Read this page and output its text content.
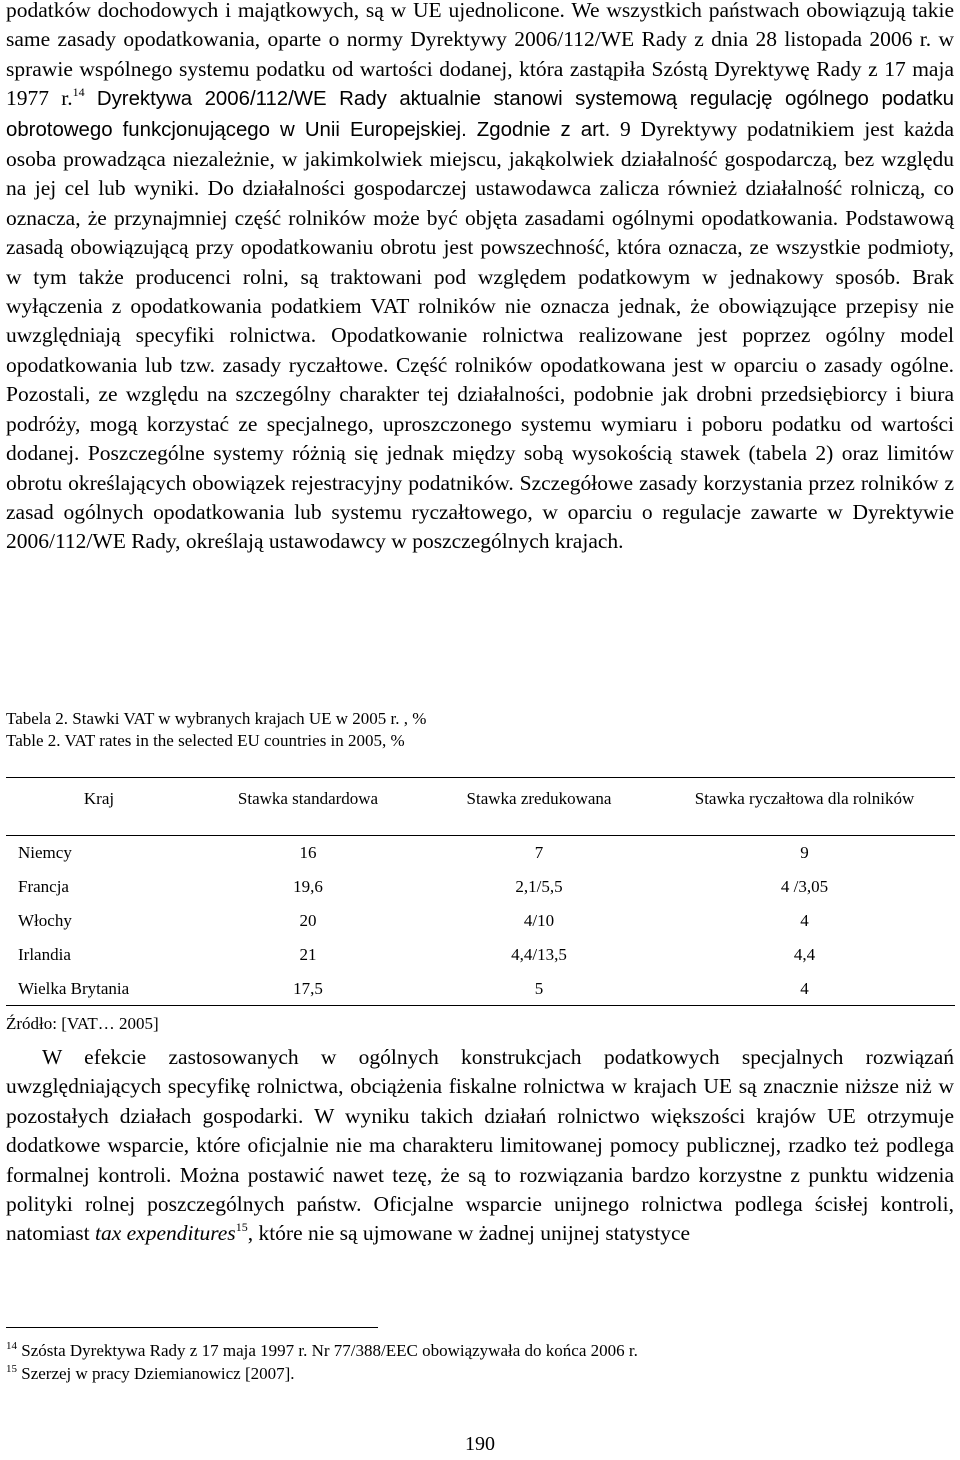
podatków dochodowych i majątkowych, są w UE ujednolicone. We wszystkich państwach obowiązują takie same zasady opodatkowania, oparte o normy Dyrektywy 2006/112/WE Rady z dnia 28 listopada 2006 r. w sprawie wspólnego systemu podatku od wartości dodanej, która zastąpiła Szóstą Dyrektywę Rady z 17 maja 1977 r.$^{14}$ Dyrektywa 2006/112/WE Rady aktualnie stanowi systemową regulację ogólnego podatku obrotowego funkcjonującego w Unii Europejskiej. Zgodnie z art. 9 Dyrektywy podatnikiem jest każda osoba prowadząca niezależnie, w jakimkolwiek miejscu, jakąkolwiek działalność gospodarczą, bez względu na jej cel lub wyniki. Do działalności gospodarczej ustawodawca zalicza również działalność rolniczą, co oznacza, że przynajmniej część rolników może być objęta zasadami ogólnymi opodatkowania. Podstawową zasadą obowiązującą przy opodatkowaniu obrotu jest powszechność, która oznacza, ze wszystkie podmioty, w tym także producenci rolni, są traktowani pod względem podatkowym w jednakowy sposób. Brak wyłączenia z opodatkowania podatkiem VAT rolników nie oznacza jednak, że obowiązujące przepisy nie uwzględniają specyfiki rolnictwa. Opodatkowanie rolnictwa realizowane jest poprzez ogólny model opodatkowania lub tzw. zasady ryczałtowe. Część rolników opodatkowana jest w oparciu o zasady ogólne. Pozostali, ze względu na szczególny charakter tej działalności, podobnie jak drobni przedsiębiorcy i biura podróży, mogą korzystać ze specjalnego, uproszczonego systemu wymiaru i poboru podatku od wartości dodanej. Poszczególne systemy różnią się jednak między sobą wysokością stawek (tabela 2) oraz limitów obrotu określających obowiązek rejestracyjny podatników. Szczegółowe zasady korzystania przez rolników z zasad ogólnych opodatkowania lub systemu ryczałtowego, w oparciu o regulacje zawarte w Dyrektywie 2006/112/WE Rady, określają ustawodawcy w poszczególnych krajach.

Tabela 2. Stawki VAT w wybranych krajach UE w 2005 r. , %
Table 2. VAT rates in the selected EU countries in 2005, %
Kraj	Stawka standardowa	Stawka zredukowana	Stawka ryczałtowa dla rolników
Niemcy	16	7	9
Francja	19,6	2,1/5,5	4 /3,05
Włochy	20	4/10	4
Irlandia	21	4,4/13,5	4,4
Wielka Brytania	17,5	5	4
Źródło: [VAT… 2005]

W efekcie zastosowanych w ogólnych konstrukcjach podatkowych specjalnych rozwiązań uwzględniających specyfikę rolnictwa, obciążenia fiskalne rolnictwa w krajach UE są znacznie niższe niż w pozostałych działach gospodarki. W wyniku takich działań rolnictwo większości krajów UE otrzymuje dodatkowe wsparcie, które oficjalnie nie ma charakteru limitowanej pomocy publicznej, rzadko też podlega formalnej kontroli. Można postawić nawet tezę, że są to rozwiązania bardzo korzystne z punktu widzenia polityki rolnej poszczególnych państw. Oficjalne wsparcie unijnego rolnictwa podlega ścisłej kontroli, natomiast tax expenditures$^{15}$, które nie są ujmowane w żadnej unijnej statystyce

$^{14}$ Szósta Dyrektywa Rady z 17 maja 1997 r. Nr 77/388/EEC obowiązywała do końca 2006 r.
$^{15}$ Szerzej w pracy Dziemianowicz [2007].
190
